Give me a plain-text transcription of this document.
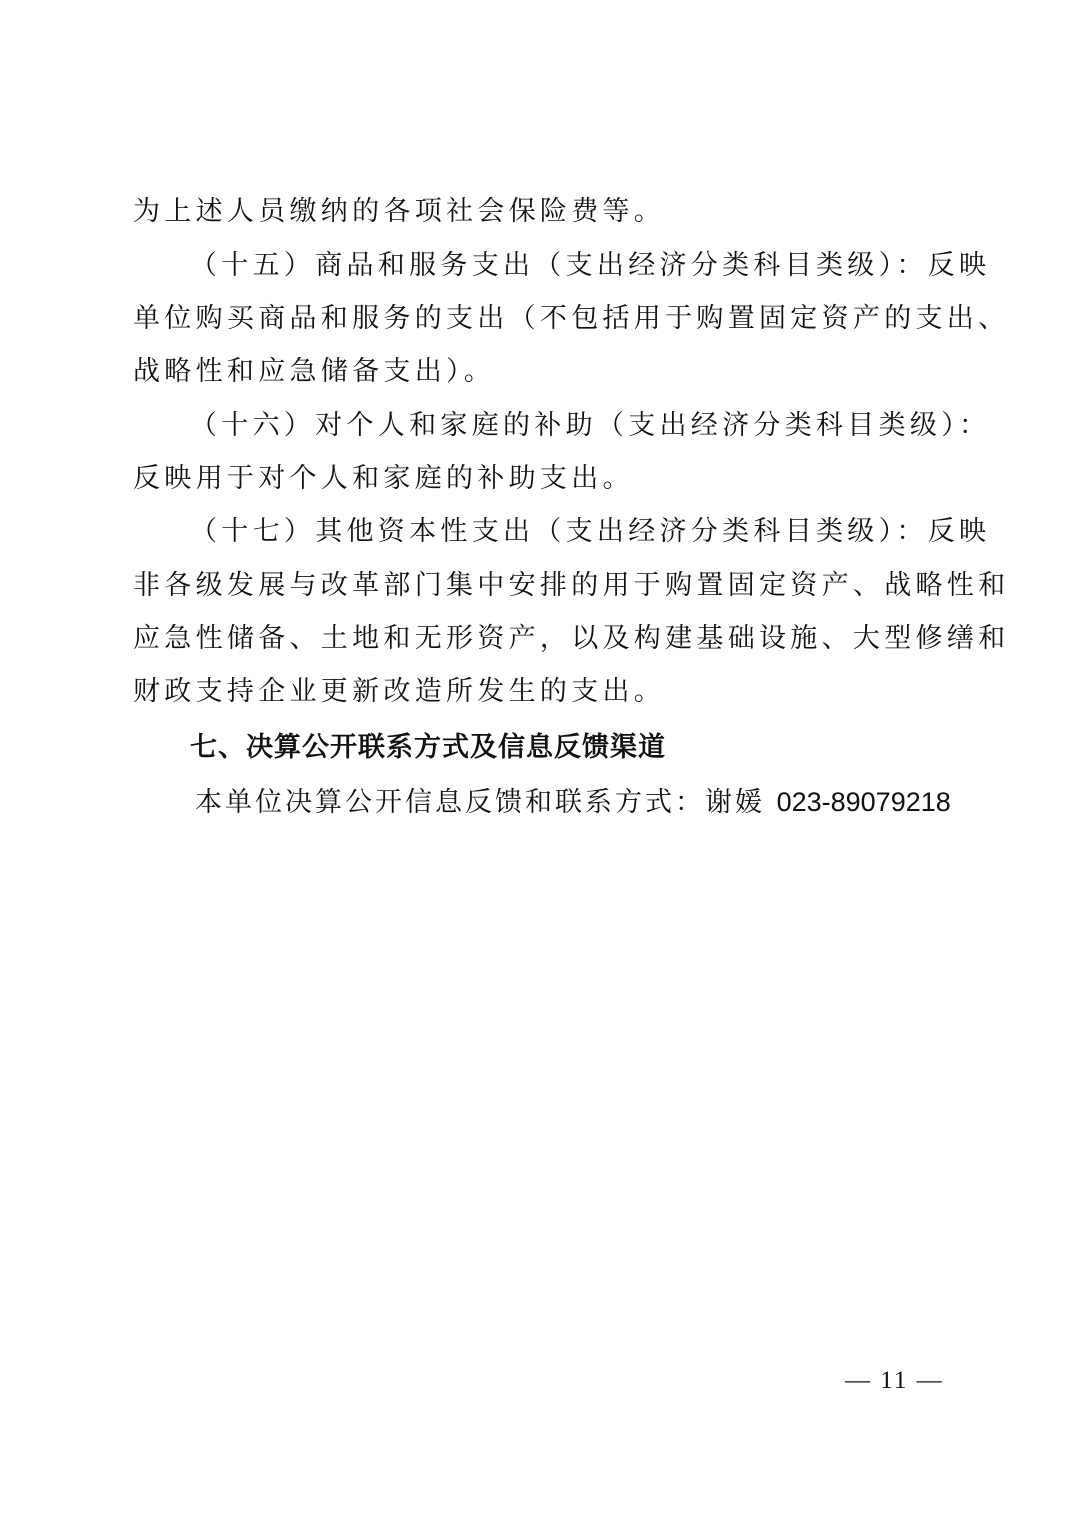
为上述人员缴纳的各项社会保险费等。
（十五）商品和服务支出（支出经济分类科目类级）：反映
单位购买商品和服务的支出（不包括用于购置固定资产的支出、
战略性和应急储备支出）。
（十六）对个人和家庭的补助（支出经济分类科目类级）：
反映用于对个人和家庭的补助支出。
（十七）其他资本性支出（支出经济分类科目类级）：反映
非各级发展与改革部门集中安排的用于购置固定资产、战略性和
应急性储备、土地和无形资产，以及构建基础设施、大型修缮和
财政支持企业更新改造所发生的支出。
七、决算公开联系方式及信息反馈渠道
本单位决算公开信息反馈和联系方式：谢媛 023-89079218
— 11 —
